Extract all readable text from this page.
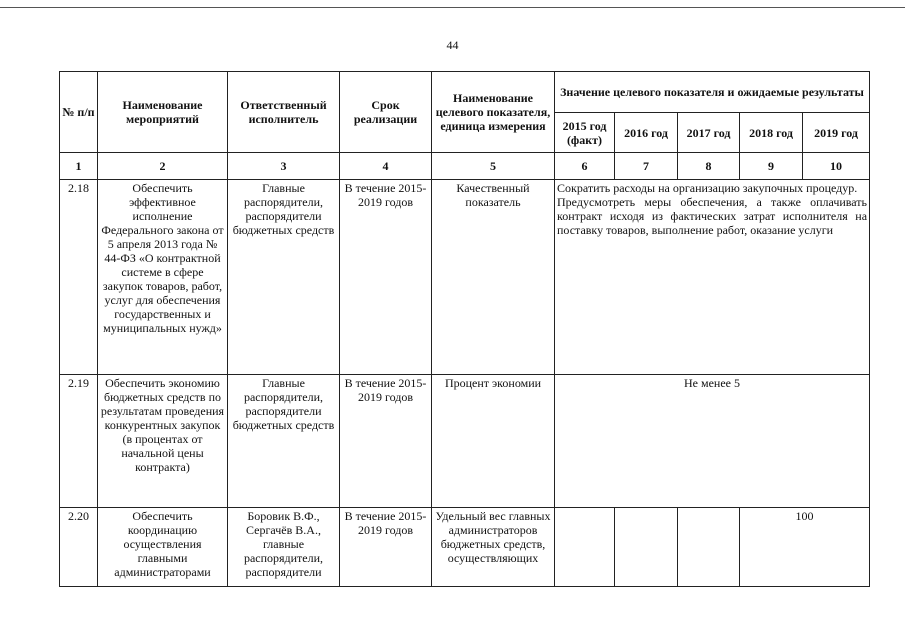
44
№ п/п	Наименование мероприятий	Ответственный исполнитель	Срок реализации	Наименование целевого показателя, единица измерения	Значение целевого показателя и ожидаемые результаты				
					2015 год (факт)	2016 год	2017 год	2018 год	2019 год
1	2	3	4	5	6	7	8	9	10
2.18	Обеспечить эффективное исполнение Федерального закона от 5 апреля 2013 года № 44-ФЗ «О контрактной системе в сфере закупок товаров, работ, услуг для обеспечения государственных и муниципальных нужд»	Главные распорядители, распорядители бюджетных средств	В течение 2015-2019 годов	Качественный показатель	Сократить расходы на организацию закупочных процедур.
Предусмотреть меры обеспечения, а также оплачивать контракт исходя из фактических затрат исполнителя на поставку товаров, выполнение работ, оказание услуги				

2.19	Обеспечить экономию бюджетных средств по результатам проведения конкурентных закупок (в процентах от начальной цены контракта)	Главные распорядители, распорядители бюджетных средств	В течение 2015-2019 годов	Процент экономии	Не менее 5				
2.20	Обеспечить координацию осуществления главными администраторами	Боровик В.Ф., Сергачёв В.А., главные распорядители, распорядители	В течение 2015-2019 годов	Удельный вес главных администраторов бюджетных средств, осуществляющих				100	
